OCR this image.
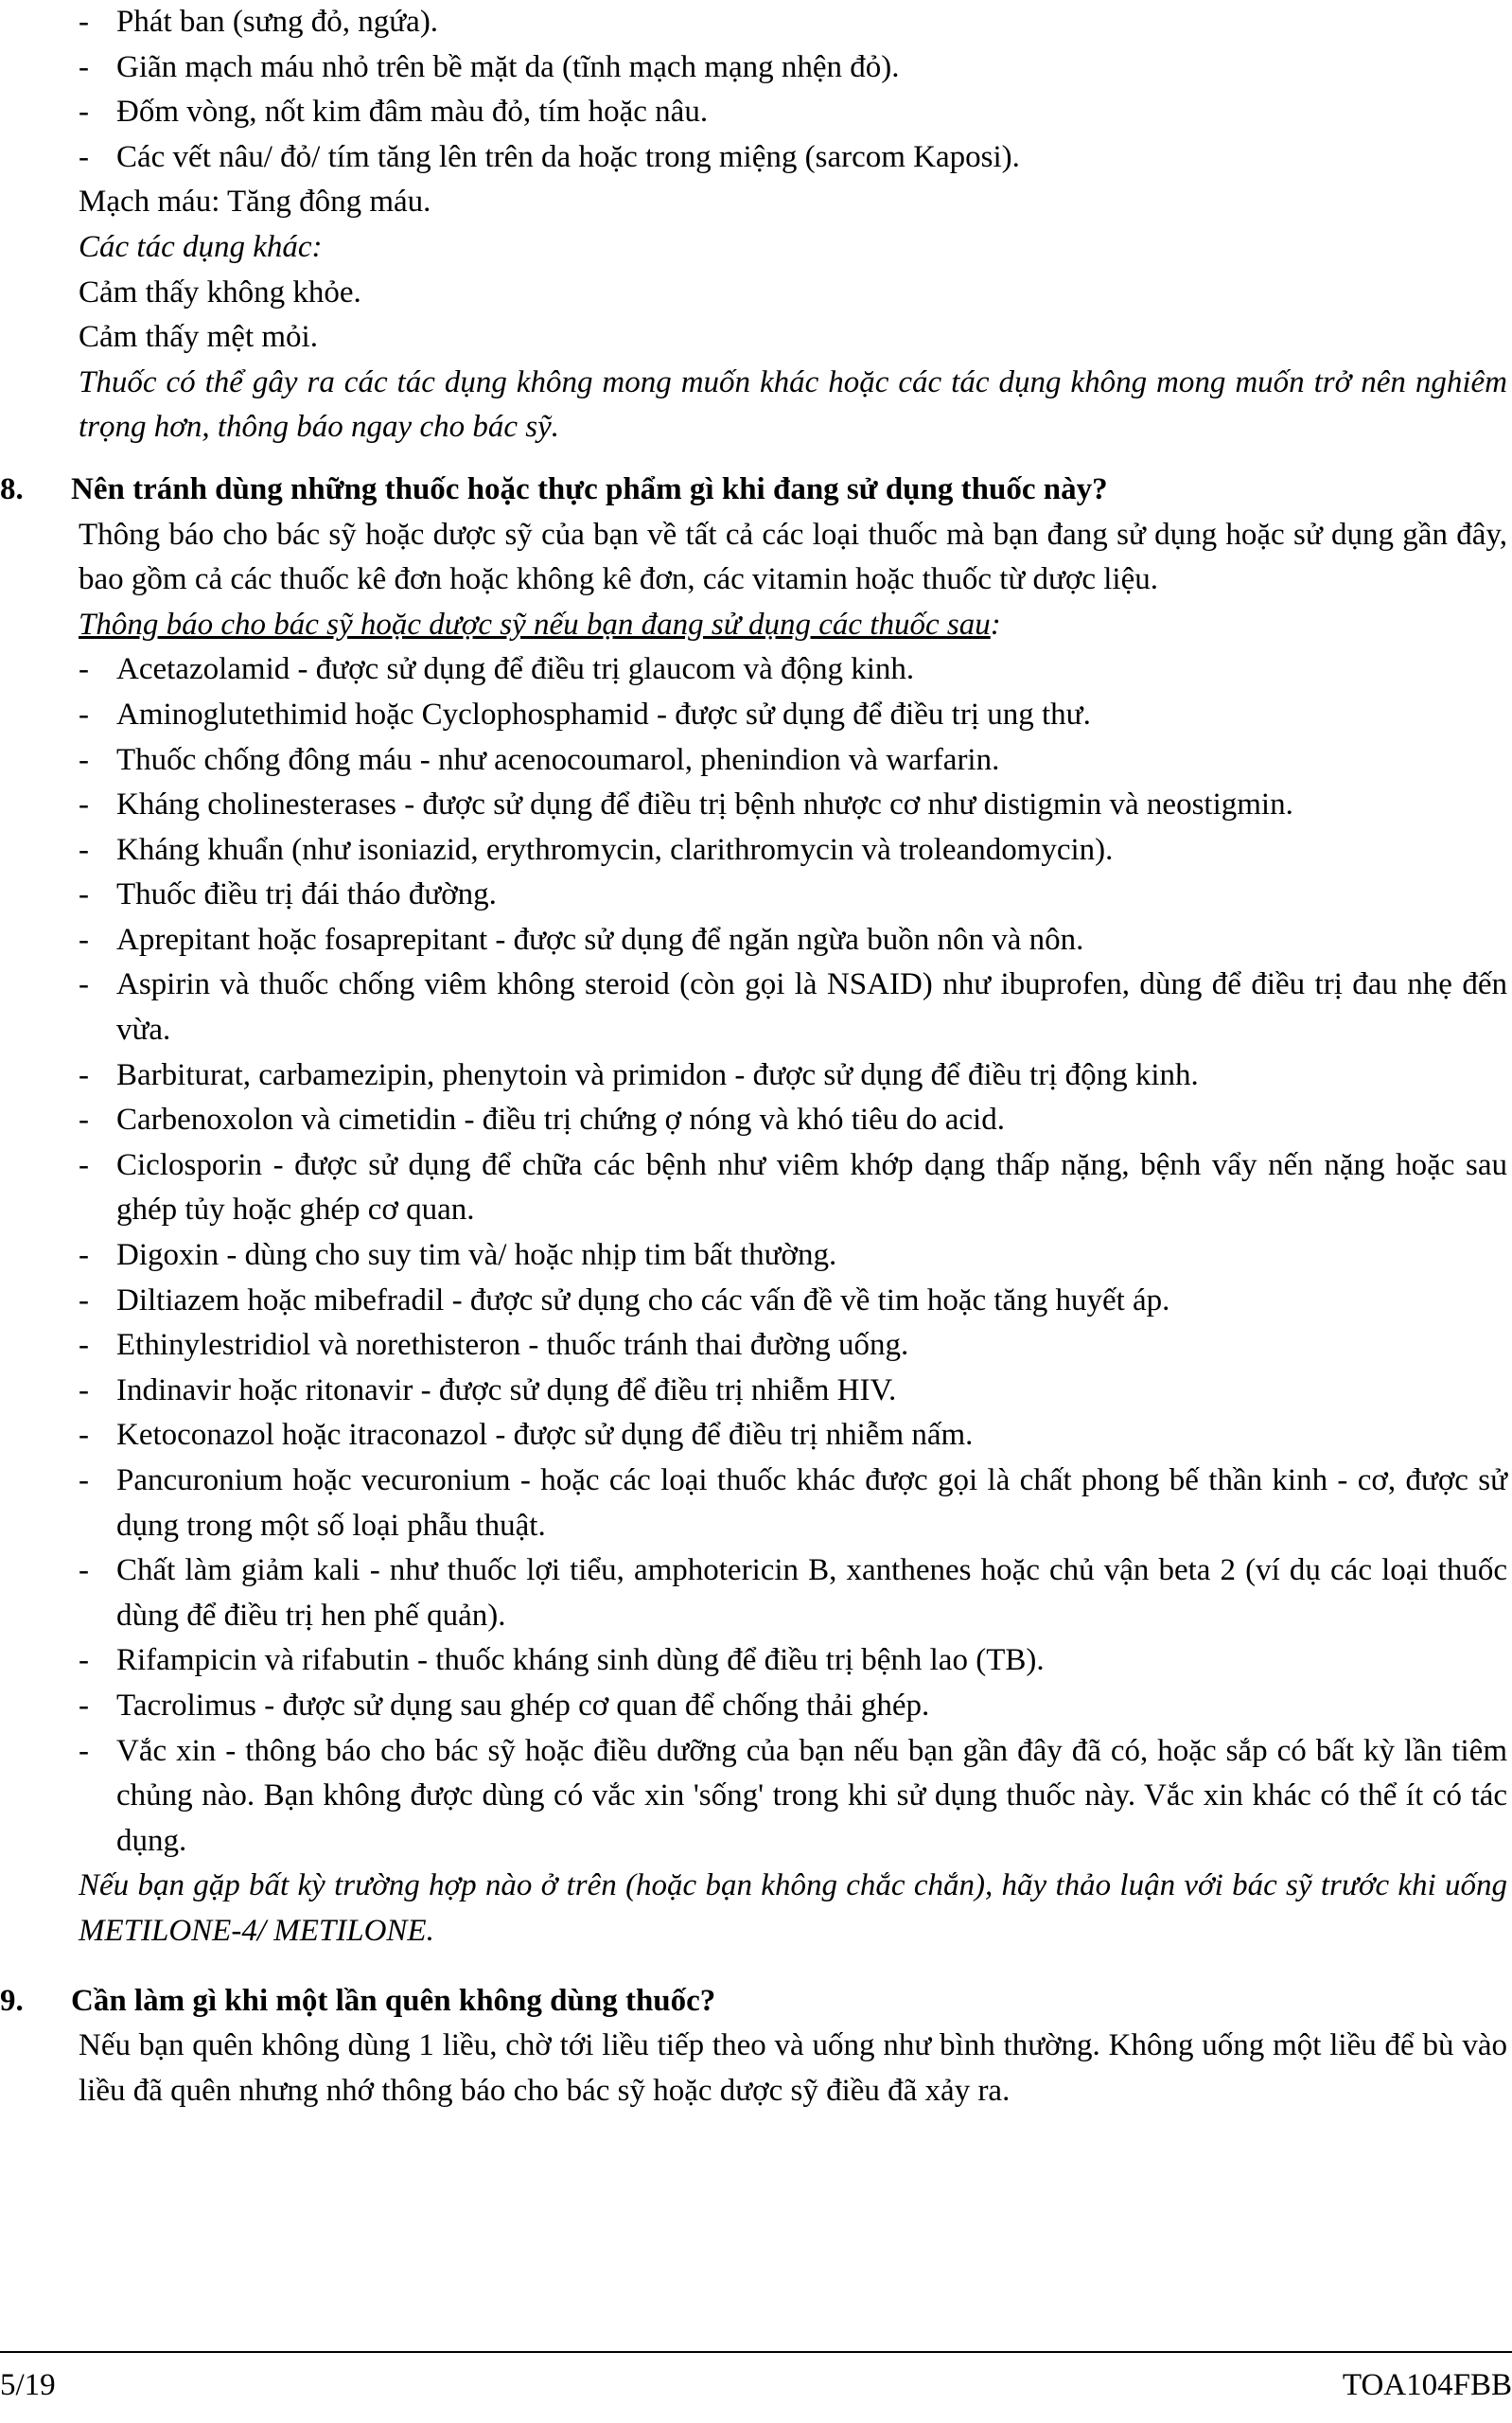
- Phát ban (sưng đỏ, ngứa).
- Giãn mạch máu nhỏ trên bề mặt da (tĩnh mạch mạng nhện đỏ).
- Đốm vòng, nốt kim đâm màu đỏ, tím hoặc nâu.
- Các vết nâu/ đỏ/ tím tăng lên trên da hoặc trong miệng (sarcom Kaposi).
Mạch máu: Tăng đông máu.
Các tác dụng khác:
Cảm thấy không khỏe.
Cảm thấy mệt mỏi.
Thuốc có thể gây ra các tác dụng không mong muốn khác hoặc các tác dụng không mong muốn trở nên nghiêm trọng hơn, thông báo ngay cho bác sỹ.
8. Nên tránh dùng những thuốc hoặc thực phẩm gì khi đang sử dụng thuốc này?
Thông báo cho bác sỹ hoặc dược sỹ của bạn về tất cả các loại thuốc mà bạn đang sử dụng hoặc sử dụng gần đây, bao gồm cả các thuốc kê đơn hoặc không kê đơn, các vitamin hoặc thuốc từ dược liệu.
Thông báo cho bác sỹ hoặc dược sỹ nếu bạn đang sử dụng các thuốc sau:
- Acetazolamid - được sử dụng để điều trị glaucom và động kinh.
- Aminoglutethimid hoặc Cyclophosphamid - được sử dụng để điều trị ung thư.
- Thuốc chống đông máu - như acenocoumarol, phenindion và warfarin.
- Kháng cholinesterases - được sử dụng để điều trị bệnh nhược cơ như distigmin và neostigmin.
- Kháng khuẩn (như isoniazid, erythromycin, clarithromycin và troleandomycin).
- Thuốc điều trị đái tháo đường.
- Aprepitant hoặc fosaprepitant - được sử dụng để ngăn ngừa buồn nôn và nôn.
- Aspirin và thuốc chống viêm không steroid (còn gọi là NSAID) như ibuprofen, dùng để điều trị đau nhẹ đến vừa.
- Barbiturat, carbamezipin, phenytoin và primidon - được sử dụng để điều trị động kinh.
- Carbenoxolon và cimetidin - điều trị chứng ợ nóng và khó tiêu do acid.
- Ciclosporin - được sử dụng để chữa các bệnh như viêm khớp dạng thấp nặng, bệnh vẩy nến nặng hoặc sau ghép tủy hoặc ghép cơ quan.
- Digoxin - dùng cho suy tim và/ hoặc nhịp tim bất thường.
- Diltiazem hoặc mibefradil - được sử dụng cho các vấn đề về tim hoặc tăng huyết áp.
- Ethinylestridiol và norethisteron - thuốc tránh thai đường uống.
- Indinavir hoặc ritonavir - được sử dụng để điều trị nhiễm HIV.
- Ketoconazol hoặc itraconazol - được sử dụng để điều trị nhiễm nấm.
- Pancuronium hoặc vecuronium - hoặc các loại thuốc khác được gọi là chất phong bế thần kinh - cơ, được sử dụng trong một số loại phẫu thuật.
- Chất làm giảm kali - như thuốc lợi tiểu, amphotericin B, xanthenes hoặc chủ vận beta 2 (ví dụ các loại thuốc dùng để điều trị hen phế quản).
- Rifampicin và rifabutin - thuốc kháng sinh dùng để điều trị bệnh lao (TB).
- Tacrolimus - được sử dụng sau ghép cơ quan để chống thải ghép.
- Vắc xin - thông báo cho bác sỹ hoặc điều dưỡng của bạn nếu bạn gần đây đã có, hoặc sắp có bất kỳ lần tiêm chủng nào. Bạn không được dùng có vắc xin 'sống' trong khi sử dụng thuốc này. Vắc xin khác có thể ít có tác dụng.
Nếu bạn gặp bất kỳ trường hợp nào ở trên (hoặc bạn không chắc chắn), hãy thảo luận với bác sỹ trước khi uống METILONE-4/ METILONE.
9. Cần làm gì khi một lần quên không dùng thuốc?
Nếu bạn quên không dùng 1 liều, chờ tới liều tiếp theo và uống như bình thường. Không uống một liều để bù vào liều đã quên nhưng nhớ thông báo cho bác sỹ hoặc dược sỹ điều đã xảy ra.
5/19	TOA104FBB
